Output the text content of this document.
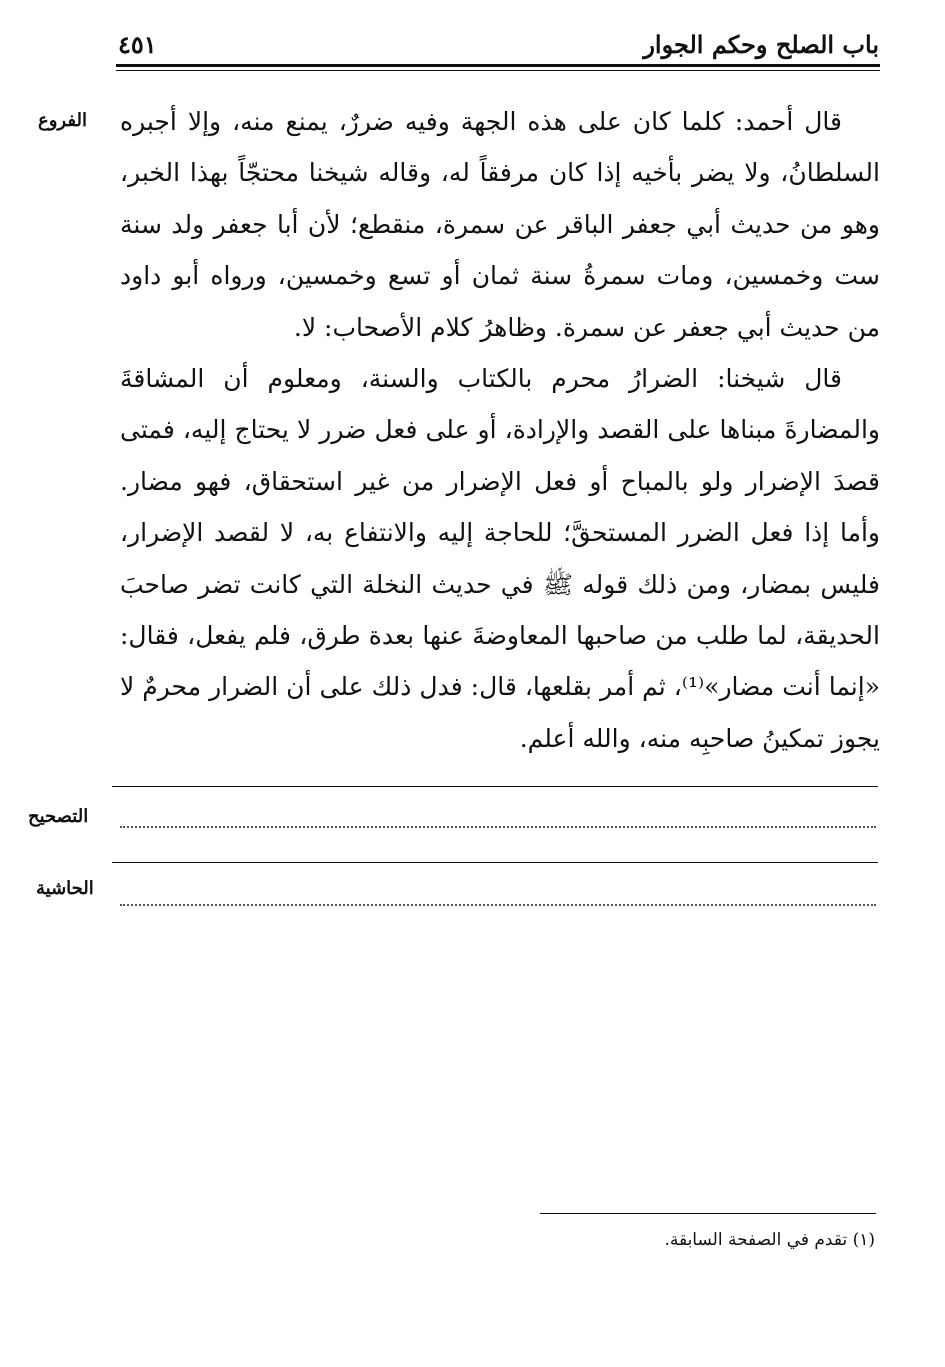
باب الصلح وحكم الجوار
٤٥١
الفروع قال أحمد: كلما كان على هذه الجهة وفيه ضررٌ، يمنع منه، وإلا أجبره السلطانُ، ولا يضر بأخيه إذا كان مرفقاً له، وقاله شيخنا محتجّاً بهذا الخبر، وهو من حديث أبي جعفر الباقر عن سمرة، منقطع؛ لأن أبا جعفر ولد سنة ست وخمسين، ومات سمرةُ سنة ثمان أو تسع وخمسين، ورواه أبو داود من حديث أبي جعفر عن سمرة. وظاهرُ كلام الأصحاب: لا.

قال شيخنا: الضرارُ محرم بالكتاب والسنة، ومعلوم أن المشاقةَ والمضارةَ مبناها على القصد والإرادة، أو على فعل ضرر لا يحتاج إليه، فمتى قصدَ الإضرار ولو بالمباح أو فعل الإضرار من غير استحقاق، فهو مضار. وأما إذا فعل الضرر المستحقَّ؛ للحاجة إليه والانتفاع به، لا لقصد الإضرار، فليس بمضار، ومن ذلك قوله ﷺ في حديث النخلة التي كانت تضر صاحبَ الحديقة، لما طلب من صاحبها المعاوضةَ عنها بعدة طرق، فلم يفعل، فقال: «إنما أنت مضار»⁽¹⁾، ثم أمر بقلعها، قال: فدل ذلك على أن الضرار محرمٌ لا يجوز تمكينُ صاحبِه منه، والله أعلم.

التصحيح
الحاشية
(١) تقدم في الصفحة السابقة.
